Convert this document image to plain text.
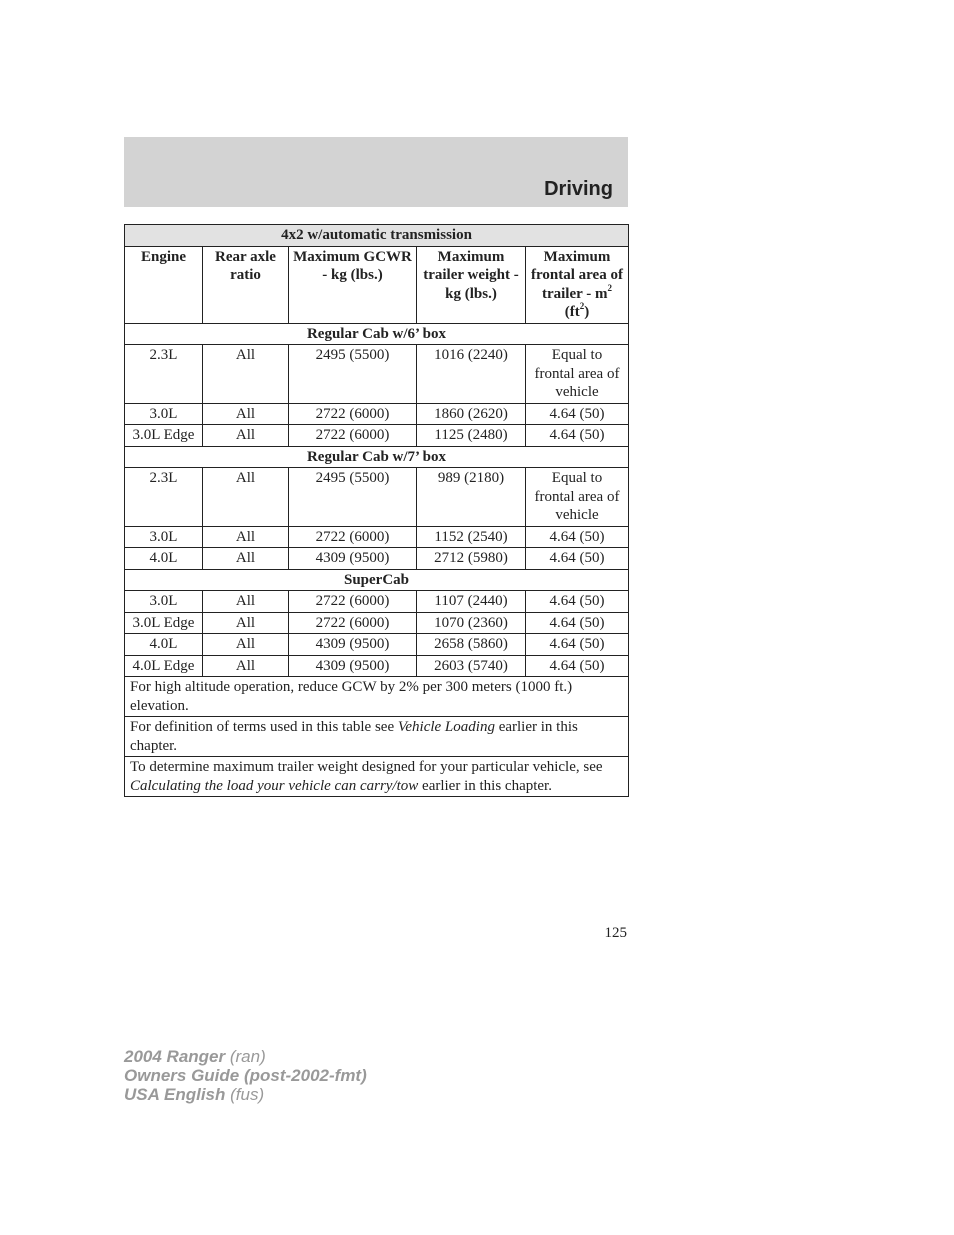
Driving
4x2 w/automatic transmission				
Engine	Rear axle ratio	Maximum GCWR - kg (lbs.)	Maximum trailer weight - kg (lbs.)	Maximum frontal area of trailer - $m^2$ $(ft^2)$
Regular Cab w/6’ box				
2.3L	All	2495 (5500)	1016 (2240)	Equal to frontal area of vehicle
3.0L	All	2722 (6000)	1860 (2620)	4.64 (50)
3.0L Edge	All	2722 (6000)	1125 (2480)	4.64 (50)
Regular Cab w/7’ box				
2.3L	All	2495 (5500)	989 (2180)	Equal to frontal area of vehicle
3.0L	All	2722 (6000)	1152 (2540)	4.64 (50)
4.0L	All	4309 (9500)	2712 (5980)	4.64 (50)
SuperCab				
3.0L	All	2722 (6000)	1107 (2440)	4.64 (50)
3.0L Edge	All	2722 (6000)	1070 (2360)	4.64 (50)
4.0L	All	4309 (9500)	2658 (5860)	4.64 (50)
4.0L Edge	All	4309 (9500)	2603 (5740)	4.64 (50)
For high altitude operation, reduce GCW by 2% per 300 meters (1000 ft.) elevation.				
For definition of terms used in this table see Vehicle Loading earlier in this chapter.				
To determine maximum trailer weight designed for your particular vehicle, see Calculating the load your vehicle can carry/tow earlier in this chapter.				
125
2004 Ranger (ran)
Owners Guide (post-2002-fmt)
USA English (fus)
